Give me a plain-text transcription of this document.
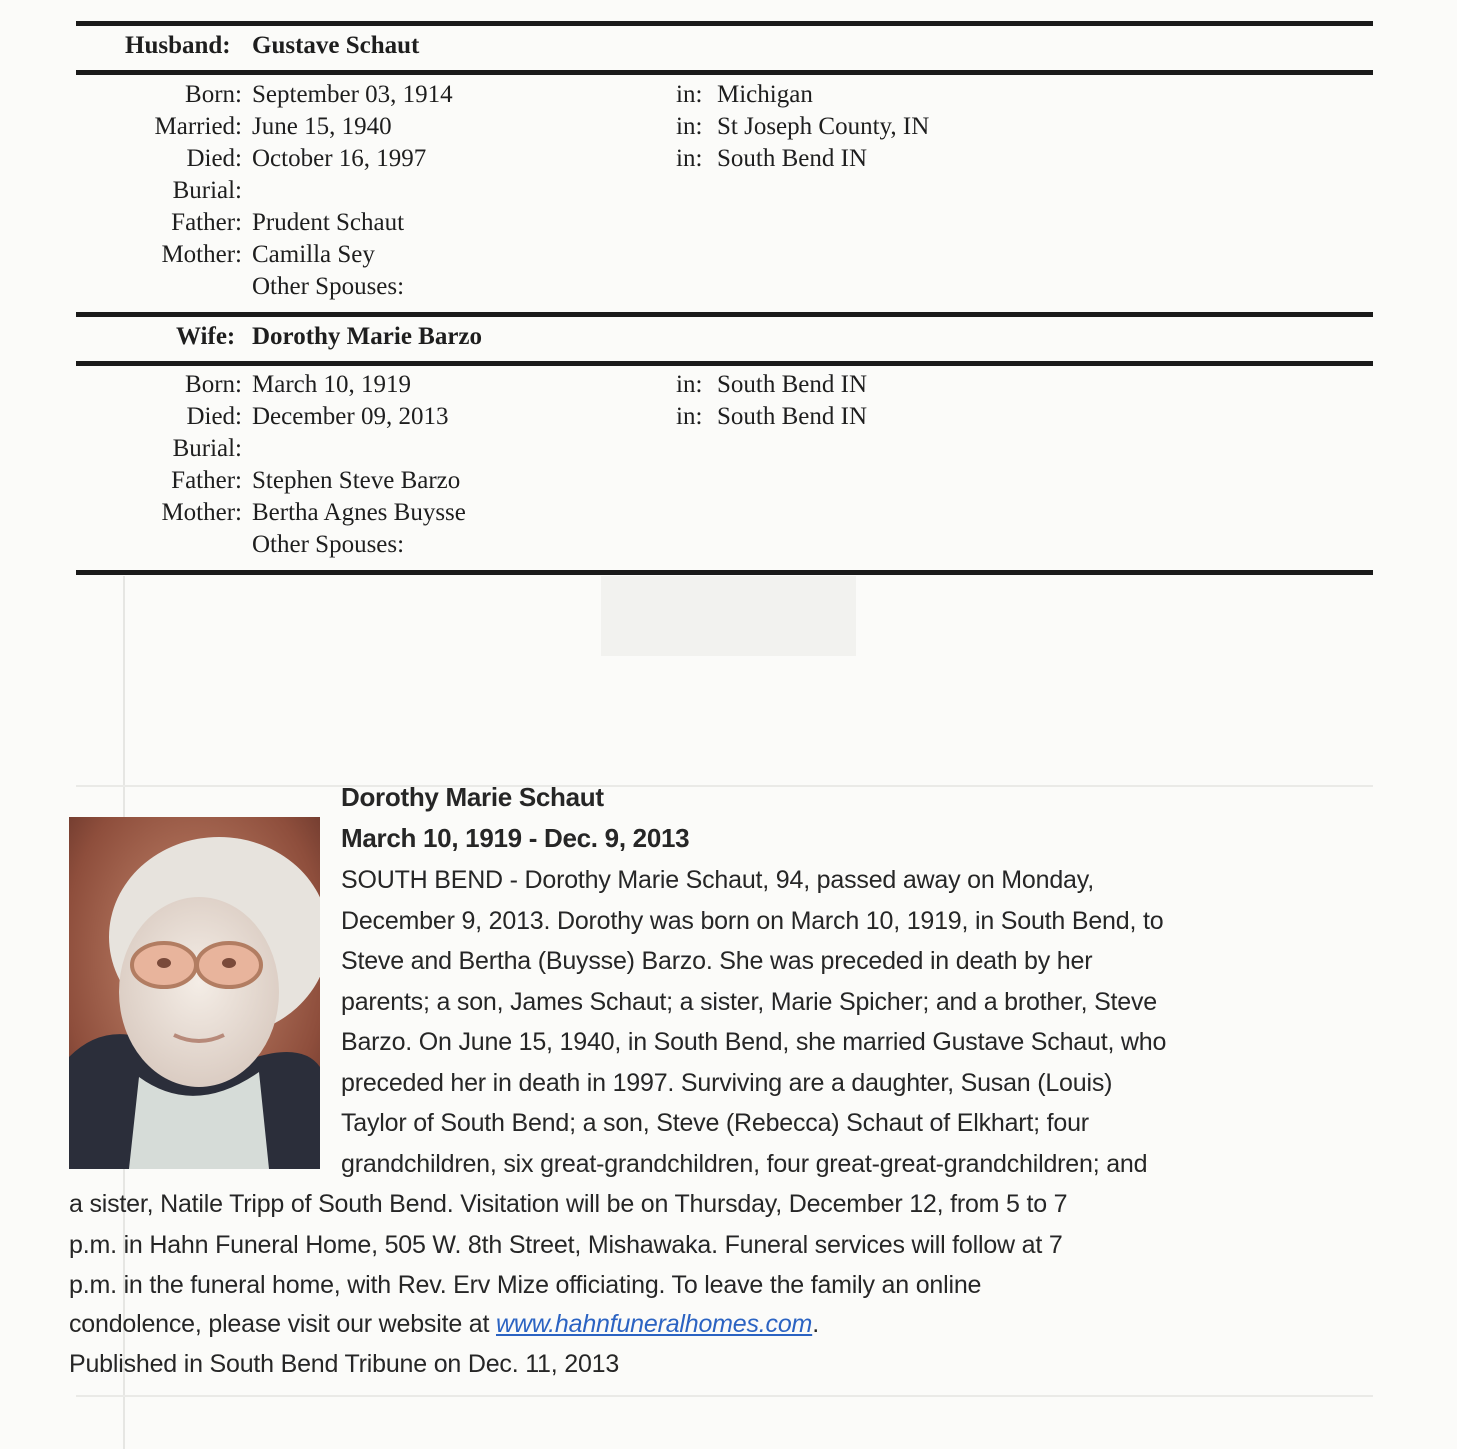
Husband: Gustave Schaut
Born: September 03, 1914	in: Michigan
Married: June 15, 1940	in: St Joseph County, IN
Died: October 16, 1997	in: South Bend IN
Burial:
Father: Prudent Schaut
Mother: Camilla Sey
Other Spouses:
Wife: Dorothy Marie Barzo
Born: March 10, 1919	in: South Bend IN
Died: December 09, 2013	in: South Bend IN
Burial:
Father: Stephen Steve Barzo
Mother: Bertha Agnes Buysse
Other Spouses:
Dorothy Marie Schaut
March 10, 1919 - Dec. 9, 2013
SOUTH BEND - Dorothy Marie Schaut, 94, passed away on Monday,
December 9, 2013. Dorothy was born on March 10, 1919, in South Bend, to
Steve and Bertha (Buysse) Barzo. She was preceded in death by her
parents; a son, James Schaut; a sister, Marie Spicher; and a brother, Steve
Barzo. On June 15, 1940, in South Bend, she married Gustave Schaut, who
preceded her in death in 1997. Surviving are a daughter, Susan (Louis)
Taylor of South Bend; a son, Steve (Rebecca) Schaut of Elkhart; four
grandchildren, six great-grandchildren, four great-great-grandchildren; and
a sister, Natile Tripp of South Bend. Visitation will be on Thursday, December 12, from 5 to 7
p.m. in Hahn Funeral Home, 505 W. 8th Street, Mishawaka. Funeral services will follow at 7
p.m. in the funeral home, with Rev. Erv Mize officiating. To leave the family an online
condolence, please visit our website at www.hahnfuneralhomes.com.
Published in South Bend Tribune on Dec. 11, 2013
